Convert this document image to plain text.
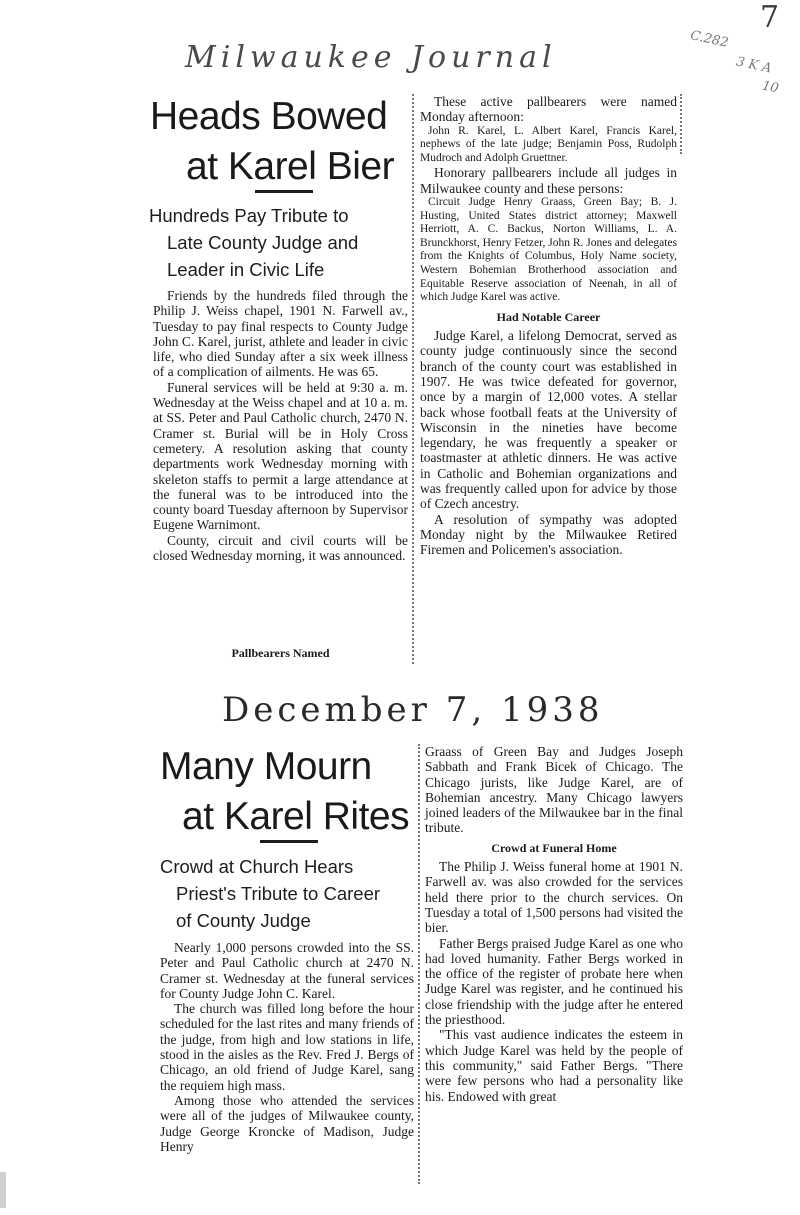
7
Milwaukee Journal
C.282
3 K A
10
Heads Bowed
at Karel Bier
Hundreds Pay Tribute to
Late County Judge and
Leader in Civic Life

Friends by the hundreds filed through the Philip J. Weiss chapel, 1901 N. Farwell av., Tuesday to pay final respects to County Judge John C. Karel, jurist, athlete and leader in civic life, who died Sunday after a six week illness of a complication of ailments. He was 65.

Funeral services will be held at 9:30 a. m. Wednesday at the Weiss chapel and at 10 a. m. at SS. Peter and Paul Catholic church, 2470 N. Cramer st. Burial will be in Holy Cross cemetery. A resolution asking that county departments work Wednesday morning with skeleton staffs to permit a large attendance at the funeral was to be introduced into the county board Tuesday afternoon by Supervisor Eugene Warnimont.

County, circuit and civil courts will be closed Wednesday morning, it was announced.

Pallbearers Named

These active pallbearers were named Monday afternoon:

John R. Karel, L. Albert Karel, Francis Karel, nephews of the late judge; Benjamin Poss, Rudolph Mudroch and Adolph Gruettner.

Honorary pallbearers include all judges in Milwaukee county and these persons:

Circuit Judge Henry Graass, Green Bay; B. J. Husting, United States district attorney; Maxwell Herriott, A. C. Backus, Norton Williams, L. A. Brunckhorst, Henry Fetzer, John R. Jones and delegates from the Knights of Columbus, Holy Name society, Western Bohemian Brotherhood association and Equitable Reserve association of Neenah, in all of which Judge Karel was active.

Had Notable Career

Judge Karel, a lifelong Democrat, served as county judge continuously since the second branch of the county court was established in 1907. He was twice defeated for governor, once by a margin of 12,000 votes. A stellar back whose football feats at the University of Wisconsin in the nineties have become legendary, he was frequently a speaker or toastmaster at athletic dinners. He was active in Catholic and Bohemian organizations and was frequently called upon for advice by those of Czech ancestry.

A resolution of sympathy was adopted Monday night by the Milwaukee Retired Firemen and Policemen's association.

December 7, 1938
Many Mourn
at Karel Rites
Crowd at Church Hears
Priest's Tribute to Career
of County Judge

Nearly 1,000 persons crowded into the SS. Peter and Paul Catholic church at 2470 N. Cramer st. Wednesday at the funeral services for County Judge John C. Karel.

The church was filled long before the hour scheduled for the last rites and many friends of the judge, from high and low stations in life, stood in the aisles as the Rev. Fred J. Bergs of Chicago, an old friend of Judge Karel, sang the requiem high mass.

Among those who attended the services were all of the judges of Milwaukee county, Judge George Kroncke of Madison, Judge Henry

Graass of Green Bay and Judges Joseph Sabbath and Frank Bicek of Chicago. The Chicago jurists, like Judge Karel, are of Bohemian ancestry. Many Chicago lawyers joined leaders of the Milwaukee bar in the final tribute.

Crowd at Funeral Home

The Philip J. Weiss funeral home at 1901 N. Farwell av. was also crowded for the services held there prior to the church services. On Tuesday a total of 1,500 persons had visited the bier.

Father Bergs praised Judge Karel as one who had loved humanity. Father Bergs worked in the office of the register of probate here when Judge Karel was register, and he continued his close friendship with the judge after he entered the priesthood.

"This vast audience indicates the esteem in which Judge Karel was held by the people of this community," said Father Bergs. "There were few persons who had a personality like his. Endowed with great
